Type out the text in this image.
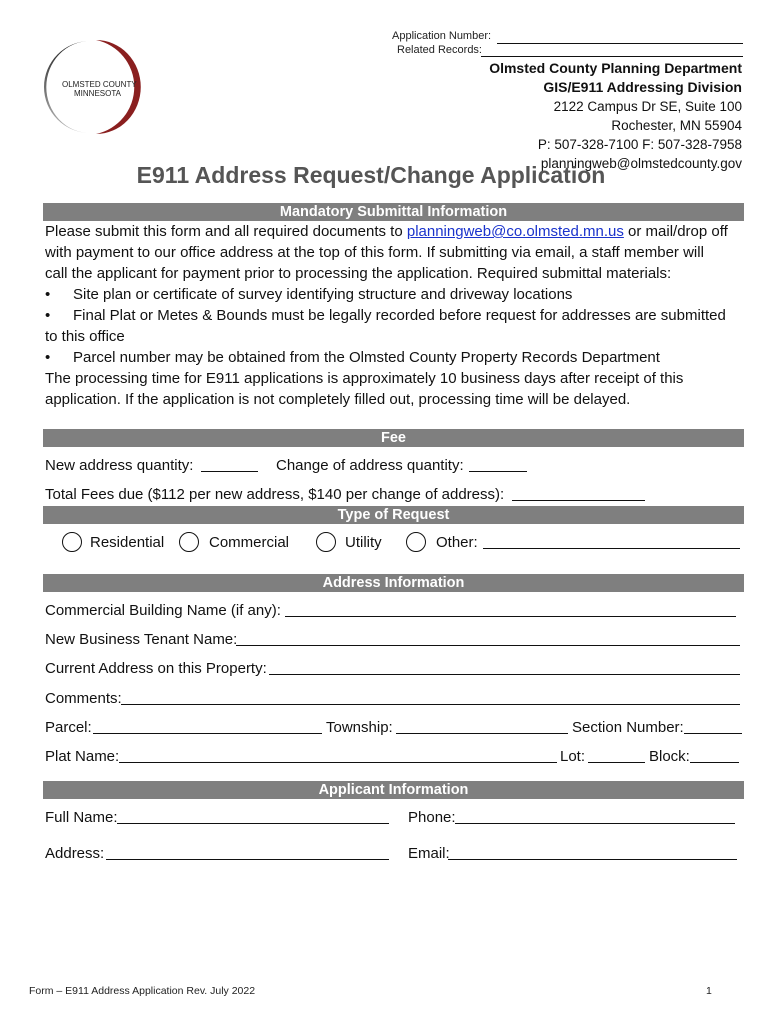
Application Number:
Related Records:
OLMSTED COUNTY
MINNESOTA
Olmsted County Planning Department
GIS/E911 Addressing Division
2122 Campus Dr SE, Suite 100
Rochester, MN 55904
P: 507-328-7100 F: 507-328-7958
planningweb@olmstedcounty.gov
E911 Address Request/Change Application
Mandatory Submittal Information
Please submit this form and all required documents to planningweb@co.olmsted.mn.us or mail/drop off
with payment to our office address at the top of this form. If submitting via email, a staff member will
call the applicant for payment prior to processing the application. Required submittal materials:
• Site plan or certificate of survey identifying structure and driveway locations
• Final Plat or Metes & Bounds must be legally recorded before request for addresses are submitted
to this office
• Parcel number may be obtained from the Olmsted County Property Records Department
The processing time for E911 applications is approximately 10 business days after receipt of this
application. If the application is not completely filled out, processing time will be delayed.
Fee
New address quantity:	Change of address quantity:
Total Fees due ($112 per new address, $140 per change of address):
Type of Request
Residential	Commercial	Utility	Other:
Address Information
Commercial Building Name (if any):
New Business Tenant Name:
Current Address on this Property:
Comments:
Parcel:	Township:	Section Number:
Plat Name:	Lot:	Block:
Applicant Information
Full Name:	Phone:
Address:	Email:
Form – E911 Address Application Rev. July 2022	1
